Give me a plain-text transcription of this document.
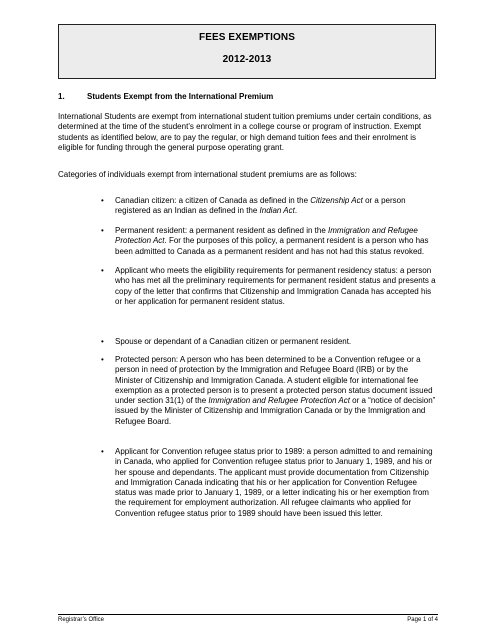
FEES EXEMPTIONS
2012-2013
1.	Students Exempt from the International Premium
International Students are exempt from international student tuition premiums under certain conditions, as determined at the time of the student’s enrolment in a college course or program of instruction. Exempt students as identified below, are to pay the regular, or high demand tuition fees and their enrolment is eligible for funding through the general purpose operating grant.
Categories of individuals exempt from international student premiums are as follows:
• Canadian citizen: a citizen of Canada as defined in the Citizenship Act or a person registered as an Indian as defined in the Indian Act.
• Permanent resident: a permanent resident as defined in the Immigration and Refugee Protection Act. For the purposes of this policy, a permanent resident is a person who has been admitted to Canada as a permanent resident and has not had this status revoked.
• Applicant who meets the eligibility requirements for permanent residency status: a person who has met all the preliminary requirements for permanent resident status and presents a copy of the letter that confirms that Citizenship and Immigration Canada has accepted his or her application for permanent resident status.
• Spouse or dependant of a Canadian citizen or permanent resident.
• Protected person: A person who has been determined to be a Convention refugee or a person in need of protection by the Immigration and Refugee Board (IRB) or by the Minister of Citizenship and Immigration Canada. A student eligible for international fee exemption as a protected person is to present a protected person status document issued under section 31(1) of the Immigration and Refugee Protection Act or a “notice of decision” issued by the Minister of Citizenship and Immigration Canada or by the Immigration and Refugee Board.
• Applicant for Convention refugee status prior to 1989: a person admitted to and remaining in Canada, who applied for Convention refugee status prior to January 1, 1989, and his or her spouse and dependants. The applicant must provide documentation from Citizenship and Immigration Canada indicating that his or her application for Convention Refugee status was made prior to January 1, 1989, or a letter indicating his or her exemption from the requirement for employment authorization. All refugee claimants who applied for Convention refugee status prior to 1989 should have been issued this letter.
Registrar’s Office	Page 1 of 4
